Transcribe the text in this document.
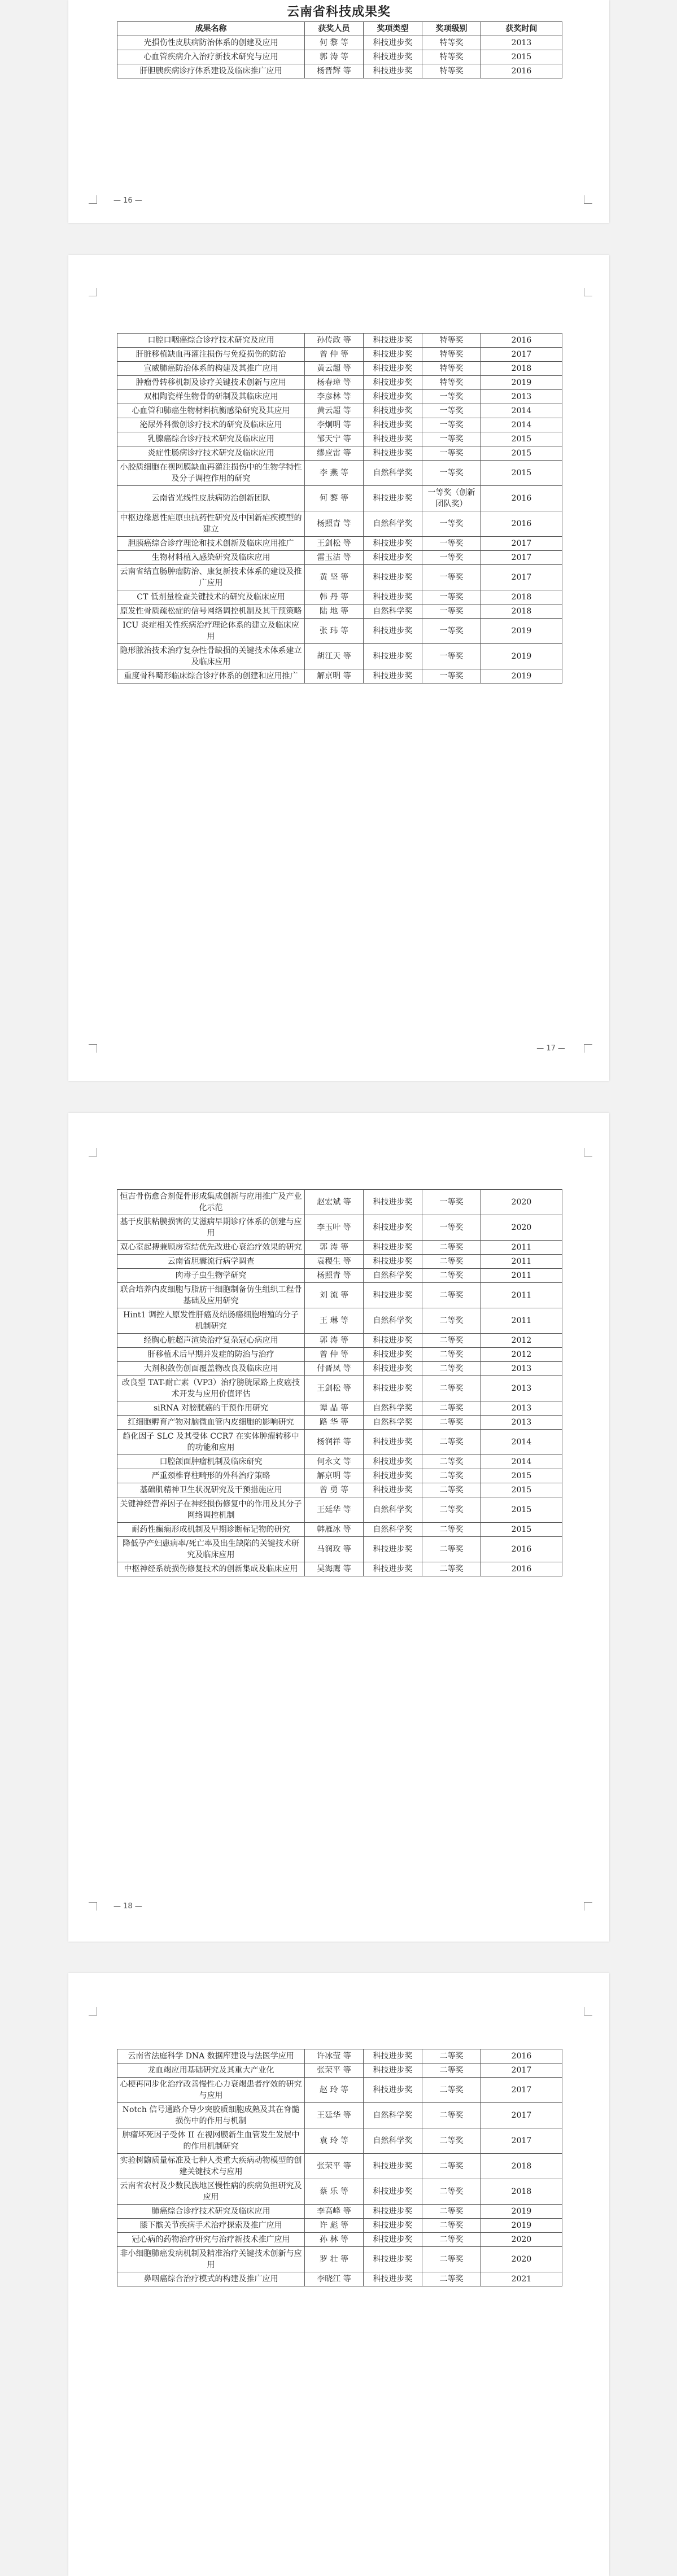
云南省科技成果奖
成果名称	获奖人员	奖项类型	奖项级别	获奖时间
光損伤性皮肤病防治体系的创建及应用	何 黎 等	科技进步奖	特等奖	2013
心血管疾病介入治疗新技术研究与应用	郭 涛 等	科技进步奖	特等奖	2015
肝胆胰疾病诊疗体系建设及临床推广应用	杨晋辉 等	科技进步奖	特等奖	2016
— 16 —
口腔口咽癌综合诊疗技术研究及应用	孙传政 等	科技进步奖	特等奖	2016
肝脏移植缺血再灌注损伤与免疫损伤的防治	曾 仲 等	科技进步奖	特等奖	2017
宣威肺癌防治体系的构建及其推广应用	黄云超 等	科技进步奖	特等奖	2018
肿瘤骨转移机制及诊疗关键技术创新与应用	杨春璋 等	科技进步奖	特等奖	2019
双相陶瓷样生物骨的研制及其临床应用	李彦林 等	科技进步奖	一等奖	2013
心血管和肺癌生物材料抗衡感染研究及其应用	黄云超 等	科技进步奖	一等奖	2014
泌尿外科微创诊疗技术的研究及临床应用	李炯明 等	科技进步奖	一等奖	2014
乳腺癌综合诊疗技术研究及临床应用	邹天宁 等	科技进步奖	一等奖	2015
炎症性肠病诊疗技术研究及临床应用	缪应雷 等	科技进步奖	一等奖	2015
小胶质细胞在视网膜缺血再灌注损伤中的生物学特性及分子调控作用的研究	李 燕 等	自然科学奖	一等奖	2015
云南省光线性皮肤病防治创新团队	何 黎 等	科技进步奖	一等奖（创新团队奖）	2016
中枢边缘恩性疟原虫抗药性研究及中国新疟疾模型的建立	杨照青 等	自然科学奖	一等奖	2016
胆胰癌综合诊疗理论和技术创新及临床应用推广	王剑松 等	科技进步奖	一等奖	2017
生物材料植入感染研究及临床应用	雷玉洁 等	科技进步奖	一等奖	2017
云南省结直肠肿瘤防治、康复新技术体系的建设及推广应用	黄 坚 等	科技进步奖	一等奖	2017
CT 低剂量检查关键技术的研究及临床应用	韩 丹 等	科技进步奖	一等奖	2018
原发性骨质疏松症的信号网络调控机制及其干预策略	陆 地 等	自然科学奖	一等奖	2018
ICU 炎症相关性疾病治疗理论体系的建立及临床应用	张 玮 等	科技进步奖	一等奖	2019
隐形脓治技术治疗复杂性骨缺损的关键技术体系建立及临床应用	胡江天 等	科技进步奖	一等奖	2019
重度骨科畸形临床综合诊疗体系的创建和应用推广	解京明 等	科技进步奖	一等奖	2019
— 17 —
恒吉骨伤愈合剂促骨形成集成创新与应用推广及产业化示范	赵宏斌 等	科技进步奖	一等奖	2020
基于皮肤粘膜损害的艾滋病早期诊疗体系的创建与应用	李玉叶 等	科技进步奖	一等奖	2020
双心室起搏兼顾房室结优先改进心衰治疗效果的研究	郭 涛 等	科技进步奖	二等奖	2011
云南省胆囊流行病学调查	袁稷生 等	科技进步奖	二等奖	2011
肉毒子虫生物学研究	杨照青 等	自然科学奖	二等奖	2011
联合培养内皮细胞与脂肪干细胞制备仿生组织工程骨基础及应用研究	刘 流 等	科技进步奖	二等奖	2011
Hint1 调控人原发性肝癌及结肠癌细胞增殖的分子机制研究	王 琳 等	自然科学奖	二等奖	2011
经胸心脏超声渲染治疗复杂冠心病应用	郭 涛 等	科技进步奖	二等奖	2012
肝移植术后早期并发症的防治与治疗	曾 仲 等	科技进步奖	二等奖	2012
大剂积敛伤创面覆盖物改良及临床应用	付晋凤 等	科技进步奖	二等奖	2013
改良型 TAT-耐亡素（VP3）治疗膀胱尿路上皮癌技术开发与应用价值评估	王剑松 等	科技进步奖	二等奖	2013
siRNA 对膀胱癌的干预作用研究	谭 晶 等	自然科学奖	二等奖	2013
红细胞孵育产物对脑微血管内皮细胞的影响研究	路 华 等	自然科学奖	二等奖	2013
趋化因子 SLC 及其受体 CCR7 在实体肿瘤转移中的功能和应用	杨润祥 等	科技进步奖	二等奖	2014
口腔颌面肿瘤机制及临床研究	何永文 等	科技进步奖	二等奖	2014
严重颈椎脊柱畸形的外科治疗策略	解京明 等	科技进步奖	二等奖	2015
基础肌精神卫生状况研究及干预措施应用	曾 勇 等	科技进步奖	二等奖	2015
关键神经营养因子在神经损伤修复中的作用及其分子网络调控机制	王廷华 等	自然科学奖	二等奖	2015
耐药性癫痫形成机制及早期诊断标记物的研究	韩雁冰 等	自然科学奖	二等奖	2015
降低孕产妇患病率/死亡率及出生缺陷的关键技术研究及临床应用	马润玫 等	科技进步奖	二等奖	2016
中枢神经系统损伤修复技术的创新集成及临床应用	吴海鹰 等	科技进步奖	二等奖	2016
— 18 —
云南省法庭科学 DNA 数据库建设与法医学应用	许冰莹 等	科技进步奖	二等奖	2016
龙血竭应用基础研究及其重大产业化	张荣平 等	科技进步奖	二等奖	2017
心梗再同步化治疗改善慢性心力衰竭患者疗效的研究与应用	赵 玲 等	科技进步奖	二等奖	2017
Notch 信号通路介导少突胶质细胞成熟及其在脊髓损伤中的作用与机制	王廷华 等	自然科学奖	二等奖	2017
肿瘤坏死因子受体 II 在视网膜新生血管发生发展中的作用机制研究	袁 玲 等	自然科学奖	二等奖	2017
实验树鼩质量标准及七种人类重大疾病动物模型的创建关键技术与应用	张荣平 等	科技进步奖	二等奖	2018
云南省农村及少数民族地区慢性病的疾病负担研究及应用	蔡 乐 等	科技进步奖	二等奖	2018
肺癌综合诊疗技术研究及临床应用	李高峰 等	科技进步奖	二等奖	2019
膝下髌关节疾病手术治疗探索及推广应用	许 彪 等	科技进步奖	二等奖	2019
冠心病的药物治疗研究与治疗新技术推广应用	孙 林 等	科技进步奖	二等奖	2020
非小细胞肺癌发病机制及精准治疗关键技术创新与应用	罗 壮 等	科技进步奖	二等奖	2020
鼻咽癌综合治疗模式的构建及推广应用	李晓江 等	科技进步奖	二等奖	2021
